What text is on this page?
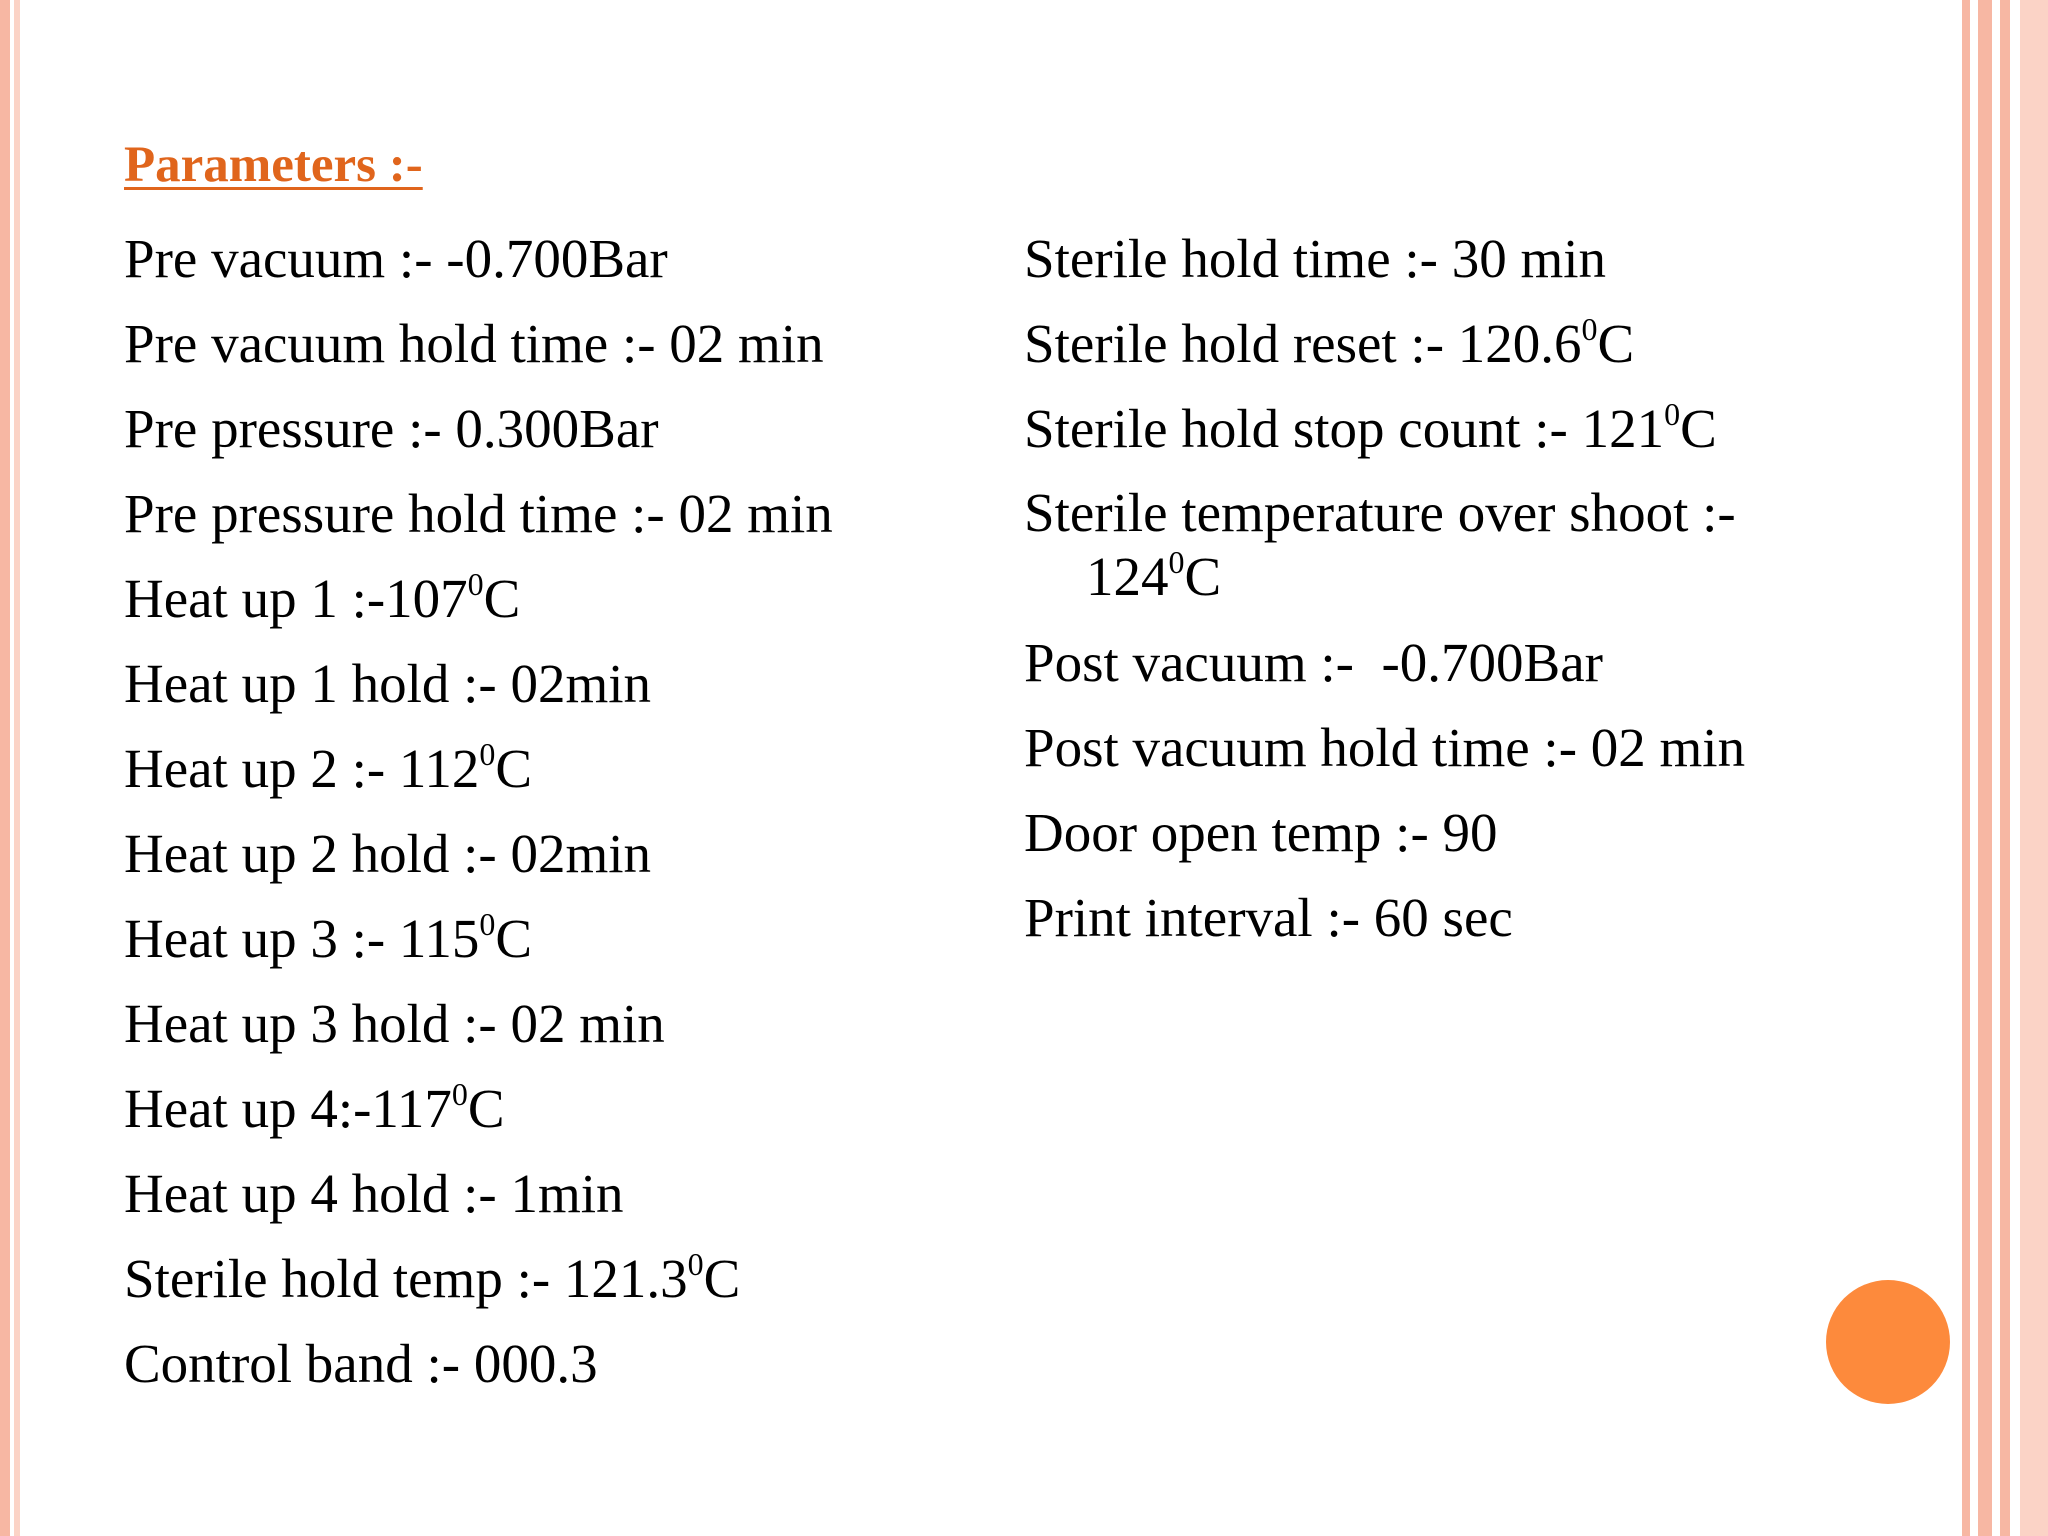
Parameters :-
Pre vacuum :- -0.700Bar
Pre vacuum hold time :- 02 min
Pre pressure :- 0.300Bar
Pre pressure hold time :- 02 min
Heat up 1 $:-107^0C$
Heat up 1 hold :- 02min
Heat up 2 :- $112^0C$
Heat up 2 hold :- 02min
Heat up 3 :- $115^0C$
Heat up 3 hold :- 02 min
Heat up $4:-117^0C$
Heat up 4 hold :- 1min
Sterile hold temp :- 121.3$^0$C
Control band :- 000.3
Sterile hold time :- 30 min
Sterile hold reset :- 120.6$^0$C
Sterile hold stop count :- $121^0C$
Sterile temperature over shoot :-
$124^0C$
Post vacuum :-  -0.700Bar
Post vacuum hold time :- 02 min
Door open temp :- 90
Print interval :- 60 sec
